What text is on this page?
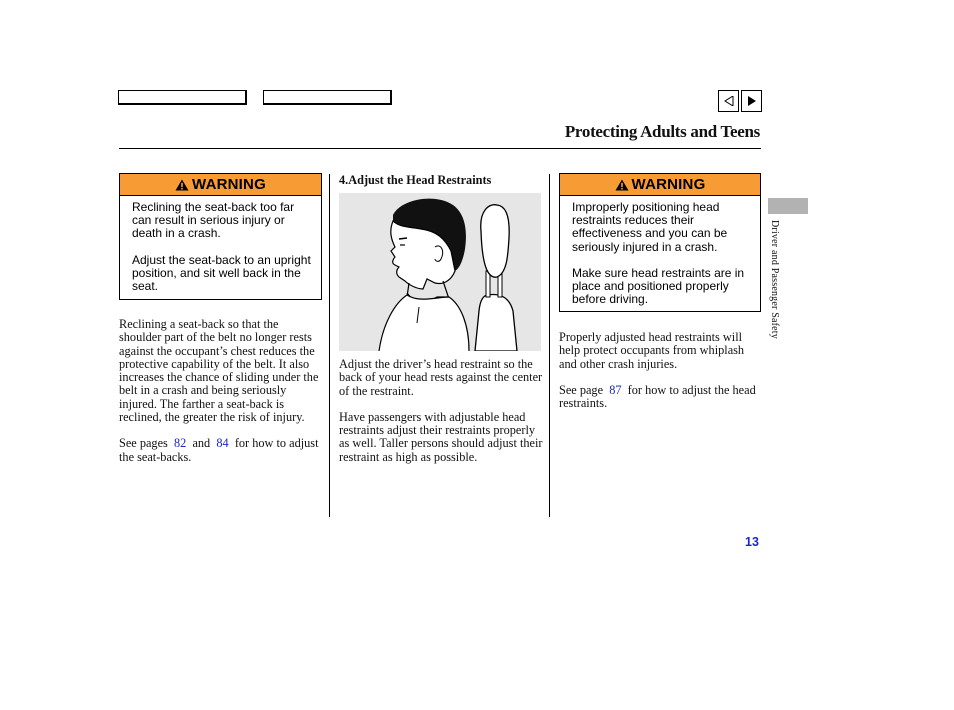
Protecting Adults and Teens
WARNING

Reclining the seat-back too far can result in serious injury or death in a crash.

Adjust the seat-back to an upright position, and sit well back in the seat.

Reclining a seat-back so that the shoulder part of the belt no longer rests against the occupant’s chest reduces the protective capability of the belt. It also increases the chance of sliding under the belt in a crash and being seriously injured. The farther a seat-back is reclined, the greater the risk of injury.

See pages 82 and 84 for how to adjust the seat-backs.

4.Adjust the Head Restraints

Adjust the driver’s head restraint so the back of your head rests against the center of the restraint.

Have passengers with adjustable head restraints adjust their restraints properly as well. Taller persons should adjust their restraint as high as possible.

WARNING

Improperly positioning head restraints reduces their effectiveness and you can be seriously injured in a crash.

Make sure head restraints are in place and positioned properly before driving.

Properly adjusted head restraints will help protect occupants from whiplash and other crash injuries.

See page 87 for how to adjust the head restraints.

Driver and Passenger Safety
13
